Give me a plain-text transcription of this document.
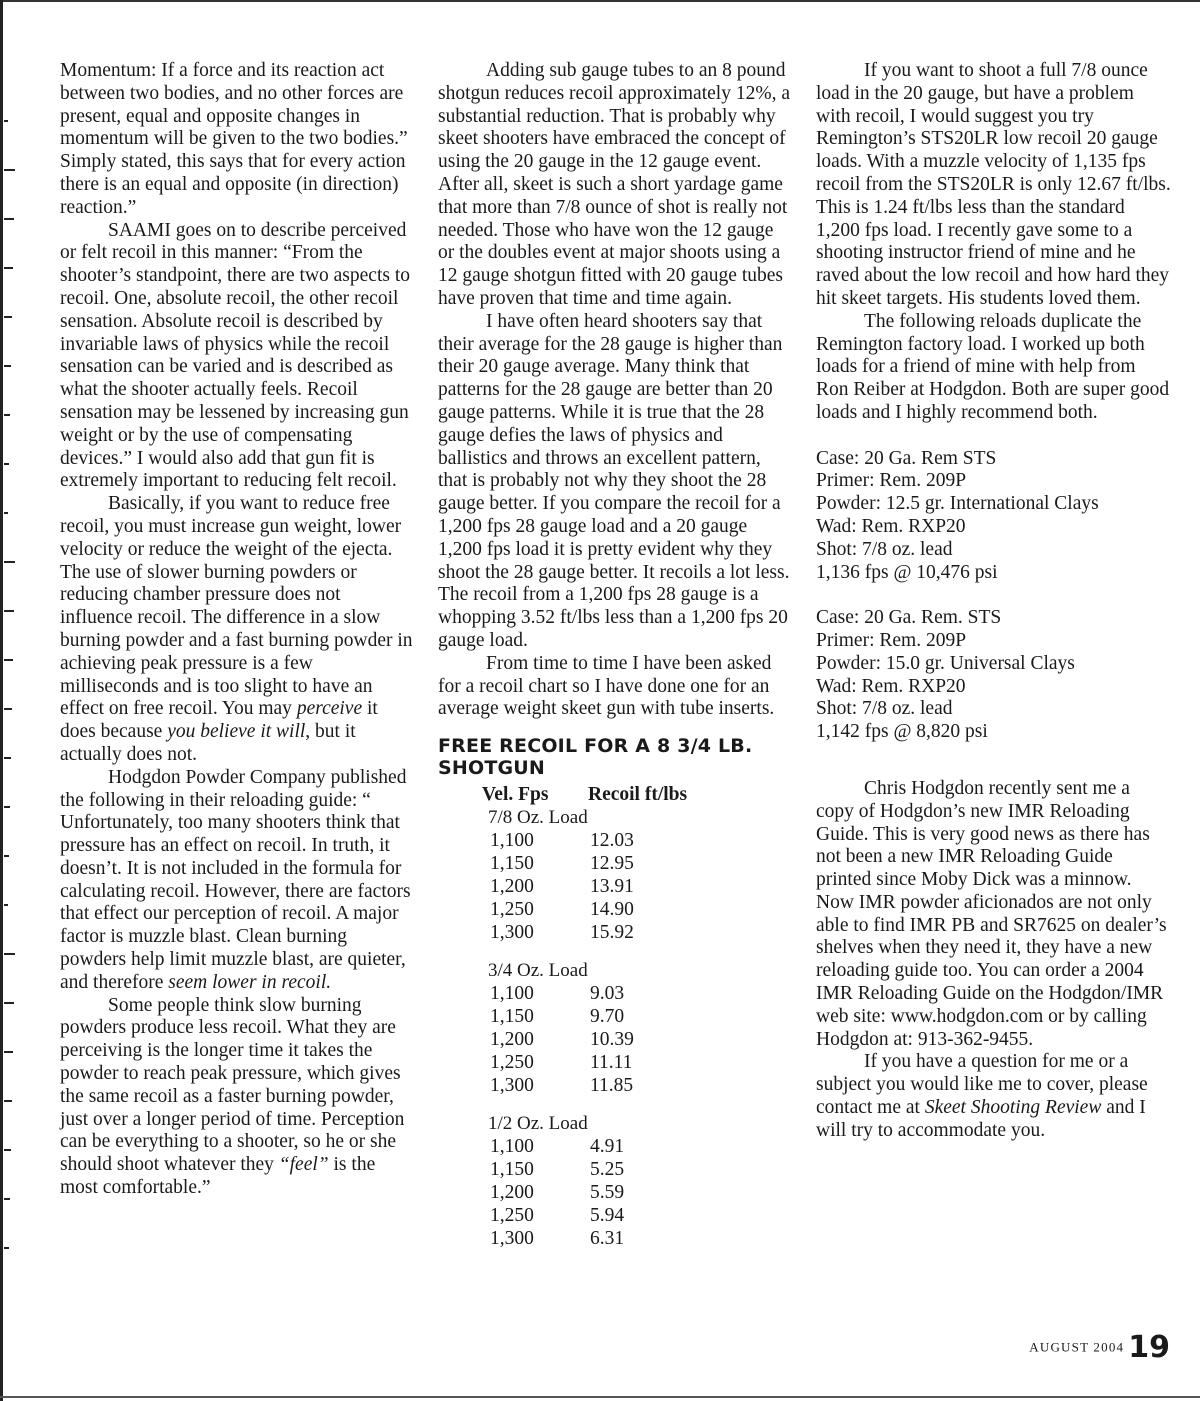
Momentum: If a force and its reaction act between two bodies, and no other forces are present, equal and opposite changes in momentum will be given to the two bodies.” Simply stated, this says that for every action there is an equal and opposite (in direction) reaction.”

SAAMI goes on to describe perceived or felt recoil in this manner: “From the shooter’s standpoint, there are two aspects to recoil. One, absolute recoil, the other recoil sensation. Absolute recoil is described by invariable laws of physics while the recoil sensation can be varied and is described as what the shooter actually feels. Recoil sensation may be lessened by increasing gun weight or by the use of compensating devices.” I would also add that gun fit is extremely important to reducing felt recoil.

Basically, if you want to reduce free recoil, you must increase gun weight, lower velocity or reduce the weight of the ejecta. The use of slower burning powders or reducing chamber pressure does not influence recoil. The difference in a slow burning powder and a fast burning powder in achieving peak pressure is a few milliseconds and is too slight to have an effect on free recoil. You may perceive it does because you believe it will, but it actually does not.

Hodgdon Powder Company published the following in their reloading guide: “ Unfortunately, too many shooters think that pressure has an effect on recoil. In truth, it doesn’t. It is not included in the formula for calculating recoil. However, there are factors that effect our perception of recoil. A major factor is muzzle blast. Clean burning powders help limit muzzle blast, are quieter, and therefore seem lower in recoil.

Some people think slow burning powders produce less recoil. What they are perceiving is the longer time it takes the powder to reach peak pressure, which gives the same recoil as a faster burning powder, just over a longer period of time. Perception can be everything to a shooter, so he or she should shoot whatever they “feel” is the most comfortable.”

Adding sub gauge tubes to an 8 pound shotgun reduces recoil approximately 12%, a substantial reduction. That is probably why skeet shooters have embraced the concept of using the 20 gauge in the 12 gauge event. After all, skeet is such a short yardage game that more than 7/8 ounce of shot is really not needed. Those who have won the 12 gauge or the doubles event at major shoots using a 12 gauge shotgun fitted with 20 gauge tubes have proven that time and time again.

I have often heard shooters say that their average for the 28 gauge is higher than their 20 gauge average. Many think that patterns for the 28 gauge are better than 20 gauge patterns. While it is true that the 28 gauge defies the laws of physics and ballistics and throws an excellent pattern, that is probably not why they shoot the 28 gauge better. If you compare the recoil for a 1,200 fps 28 gauge load and a 20 gauge 1,200 fps load it is pretty evident why they shoot the 28 gauge better. It recoils a lot less. The recoil from a 1,200 fps 28 gauge is a whopping 3.52 ft/lbs less than a 1,200 fps 20 gauge load.

From time to time I have been asked for a recoil chart so I have done one for an average weight skeet gun with tube inserts.

FREE RECOIL FOR A 8 3/4 LB. SHOTGUN
Vel. Fps Recoil ft/lbs
7/8 Oz. Load
1,100	12.03
1,150	12.95
1,200	13.91
1,250	14.90
1,300	15.92
3/4 Oz. Load
1,100	9.03
1,150	9.70
1,200	10.39
1,250	11.11
1,300	11.85
1/2 Oz. Load
1,100	4.91
1,150	5.25
1,200	5.59
1,250	5.94
1,300	6.31

If you want to shoot a full 7/8 ounce load in the 20 gauge, but have a problem with recoil, I would suggest you try Remington’s STS20LR low recoil 20 gauge loads. With a muzzle velocity of 1,135 fps recoil from the STS20LR is only 12.67 ft/lbs. This is 1.24 ft/lbs less than the standard 1,200 fps load. I recently gave some to a shooting instructor friend of mine and he raved about the low recoil and how hard they hit skeet targets. His students loved them.

The following reloads duplicate the Remington factory load. I worked up both loads for a friend of mine with help from Ron Reiber at Hodgdon. Both are super good loads and I highly recommend both.

Case: 20 Ga. Rem STS
Primer: Rem. 209P
Powder: 12.5 gr. International Clays
Wad: Rem. RXP20
Shot: 7/8 oz. lead
1,136 fps @ 10,476 psi
Case: 20 Ga. Rem. STS
Primer: Rem. 209P
Powder: 15.0 gr. Universal Clays
Wad: Rem. RXP20
Shot: 7/8 oz. lead
1,142 fps @ 8,820 psi

Chris Hodgdon recently sent me a copy of Hodgdon’s new IMR Reloading Guide. This is very good news as there has not been a new IMR Reloading Guide printed since Moby Dick was a minnow. Now IMR powder aficionados are not only able to find IMR PB and SR7625 on dealer’s shelves when they need it, they have a new reloading guide too. You can order a 2004 IMR Reloading Guide on the Hodgdon/IMR web site: www.hodgdon.com or by calling Hodgdon at: 913-362-9455.

If you have a question for me or a subject you would like me to cover, please contact me at Skeet Shooting Review and I will try to accommodate you.

AUGUST 2004 19
